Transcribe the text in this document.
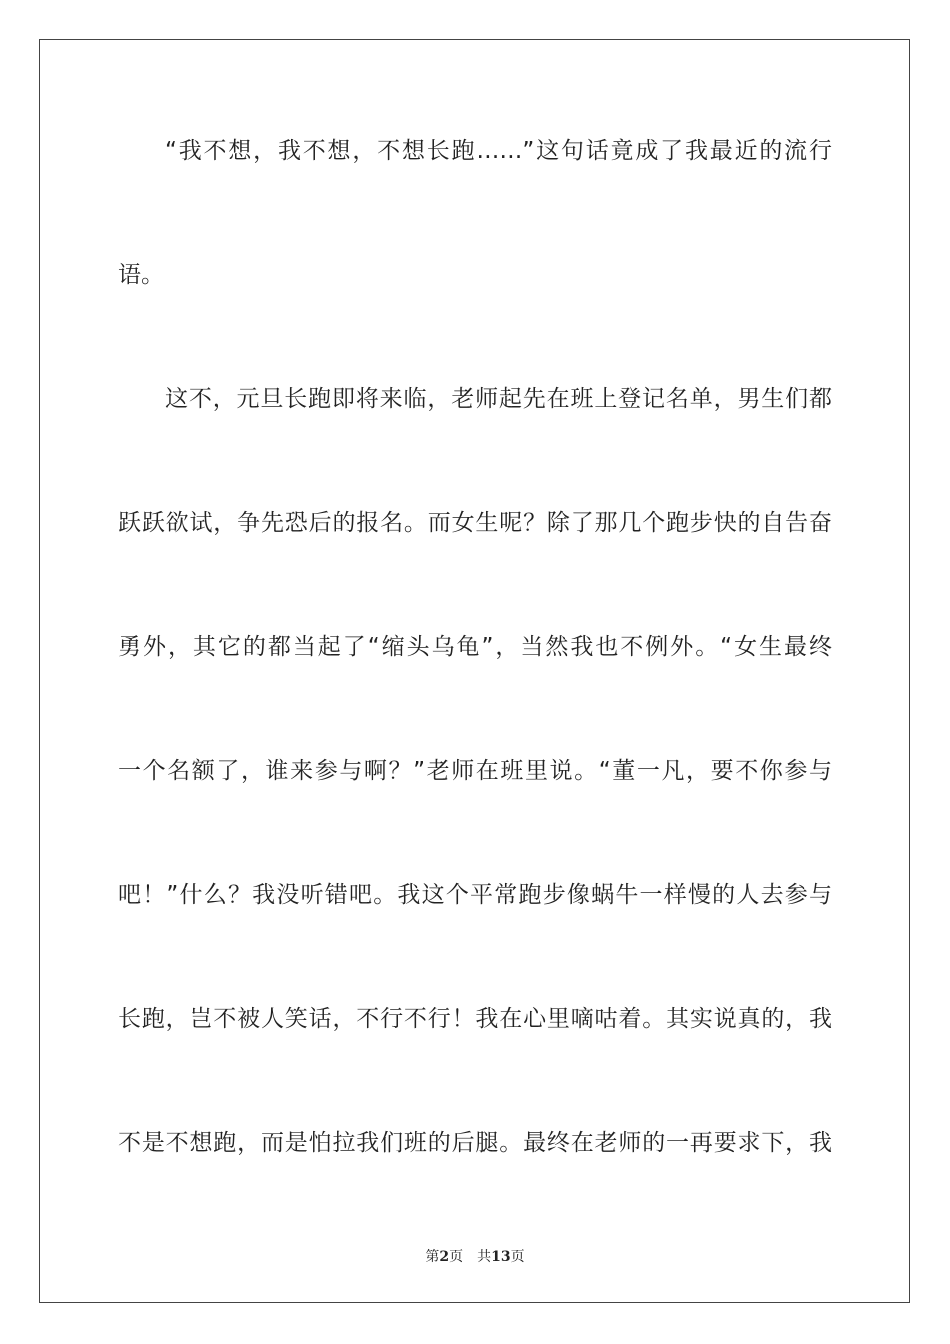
“我不想，我不想，不想长跑……”这句话竟成了我最近的流行
语。
这不，元旦长跑即将来临，老师起先在班上登记名单，男生们都
跃跃欲试，争先恐后的报名。而女生呢？除了那几个跑步快的自告奋
勇外，其它的都当起了“缩头乌龟”，当然我也不例外。“女生最终
一个名额了，谁来参与啊？”老师在班里说。“董一凡，要不你参与
吧！”什么？我没听错吧。我这个平常跑步像蜗牛一样慢的人去参与
长跑，岂不被人笑话，不行不行！我在心里嘀咕着。其实说真的，我
不是不想跑，而是怕拉我们班的后腿。最终在老师的一再要求下，我
第2页 共13页
